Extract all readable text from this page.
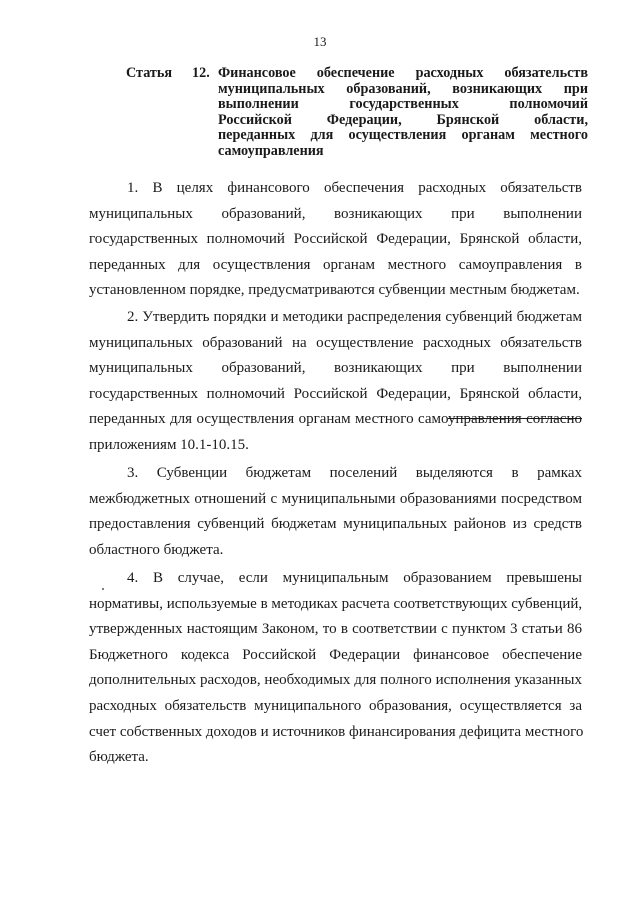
13
Статья 12. Финансовое обеспечение расходных обязательств
муниципальных образований, возникающих при
выполнении государственных полномочий
Российской Федерации, Брянской области,
переданных для осуществления органам местного
самоуправления
1. В целях финансового обеспечения расходных обязательств
муниципальных образований, возникающих при выполнении
государственных полномочий Российской Федерации, Брянской области,
переданных для осуществления органам местного самоуправления в
установленном порядке, предусматриваются субвенции местным бюджетам.
2. Утвердить порядки и методики распределения субвенций бюджетам
муниципальных образований на осуществление расходных обязательств
муниципальных образований, возникающих при выполнении
государственных полномочий Российской Федерации, Брянской области,
переданных для осуществления органам местного самоуправления согласно
приложениям 10.1-10.15.
3. Субвенции бюджетам поселений выделяются в рамках
межбюджетных отношений с муниципальными образованиями посредством
предоставления субвенций бюджетам муниципальных районов из средств
областного бюджета.
4. В случае, если муниципальным образованием превышены
нормативы, используемые в методиках расчета соответствующих субвенций,
утвержденных настоящим Законом, то в соответствии с пунктом 3 статьи 86
Бюджетного кодекса Российской Федерации финансовое обеспечение
дополнительных расходов, необходимых для полного исполнения указанных
расходных обязательств муниципального образования, осуществляется за
счет собственных доходов и источников финансирования дефицита местного
бюджета.
